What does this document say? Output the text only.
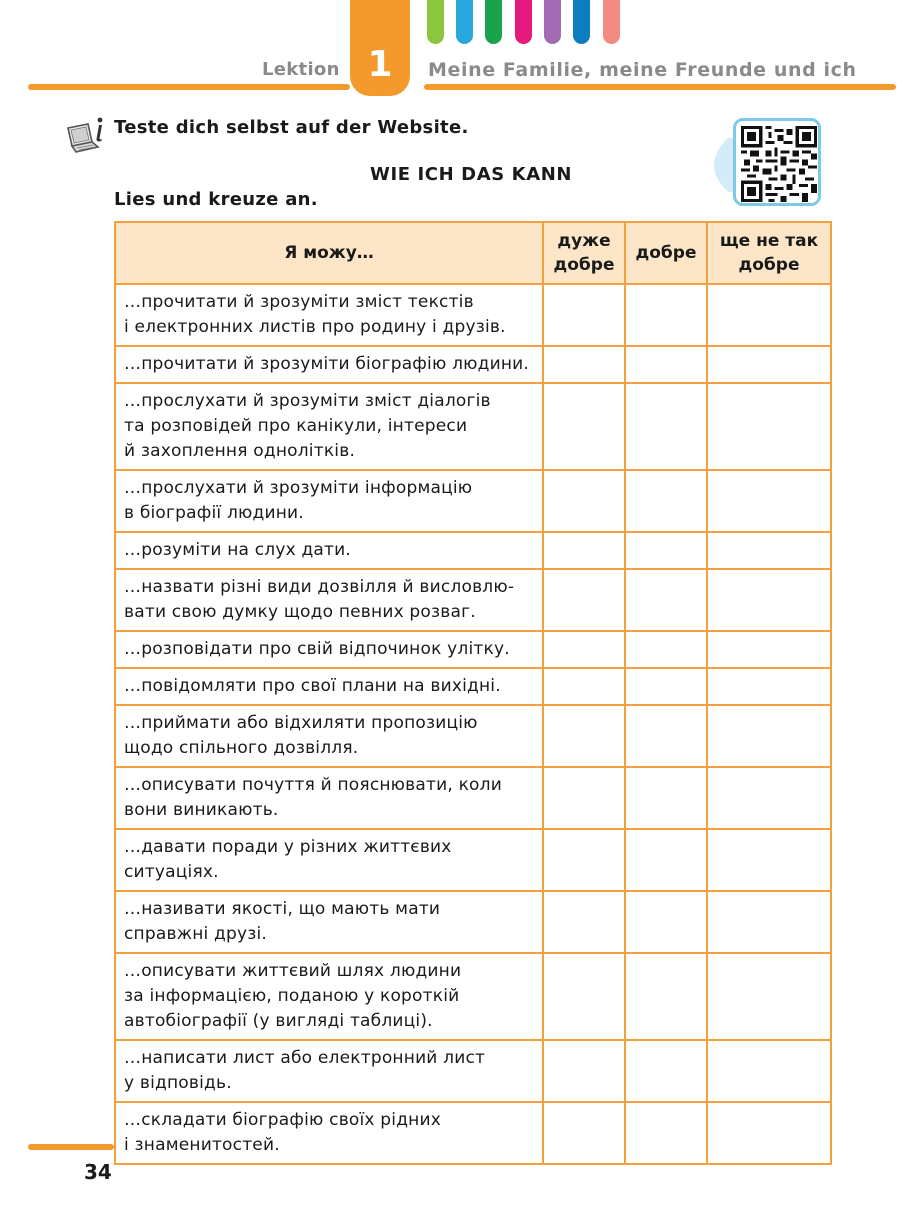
Lektion 1	Meine Familie, meine Freunde und ich
Teste dich selbst auf der Website.
WIE ICH DAS KANN
Lies und kreuze an.
Я можу…	дуже добре	добре	ще не так добре

…прочитати й зрозуміти зміст текстів
і електронних листів про родину і друзів.			

…прочитати й зрозуміти біографію людини.			

…прослухати й зрозуміти зміст діалогів
та розповідей про канікули, інтереси
й захоплення однолітків.			

…прослухати й зрозуміти інформацію
в біографії людини.			

…розуміти на слух дати.			

…назвати різні види дозвілля й висловлю-
вати свою думку щодо певних розваг.			

…розповідати про свій відпочинок улітку.			

…повідомляти про свої плани на вихідні.			

…приймати або відхиляти пропозицію
щодо спільного дозвілля.			

…описувати почуття й пояснювати, коли
вони виникають.			

…давати поради у різних життєвих ситуаціях.			

…називати якості, що мають мати
справжні друзі.			

…описувати життєвий шлях людини
за інформацією, поданою у короткій
автобіографії (у вигляді таблиці).			

…написати лист або електронний лист
у відповідь.			

…складати біографію своїх рідних
і знаменитостей.			

34
